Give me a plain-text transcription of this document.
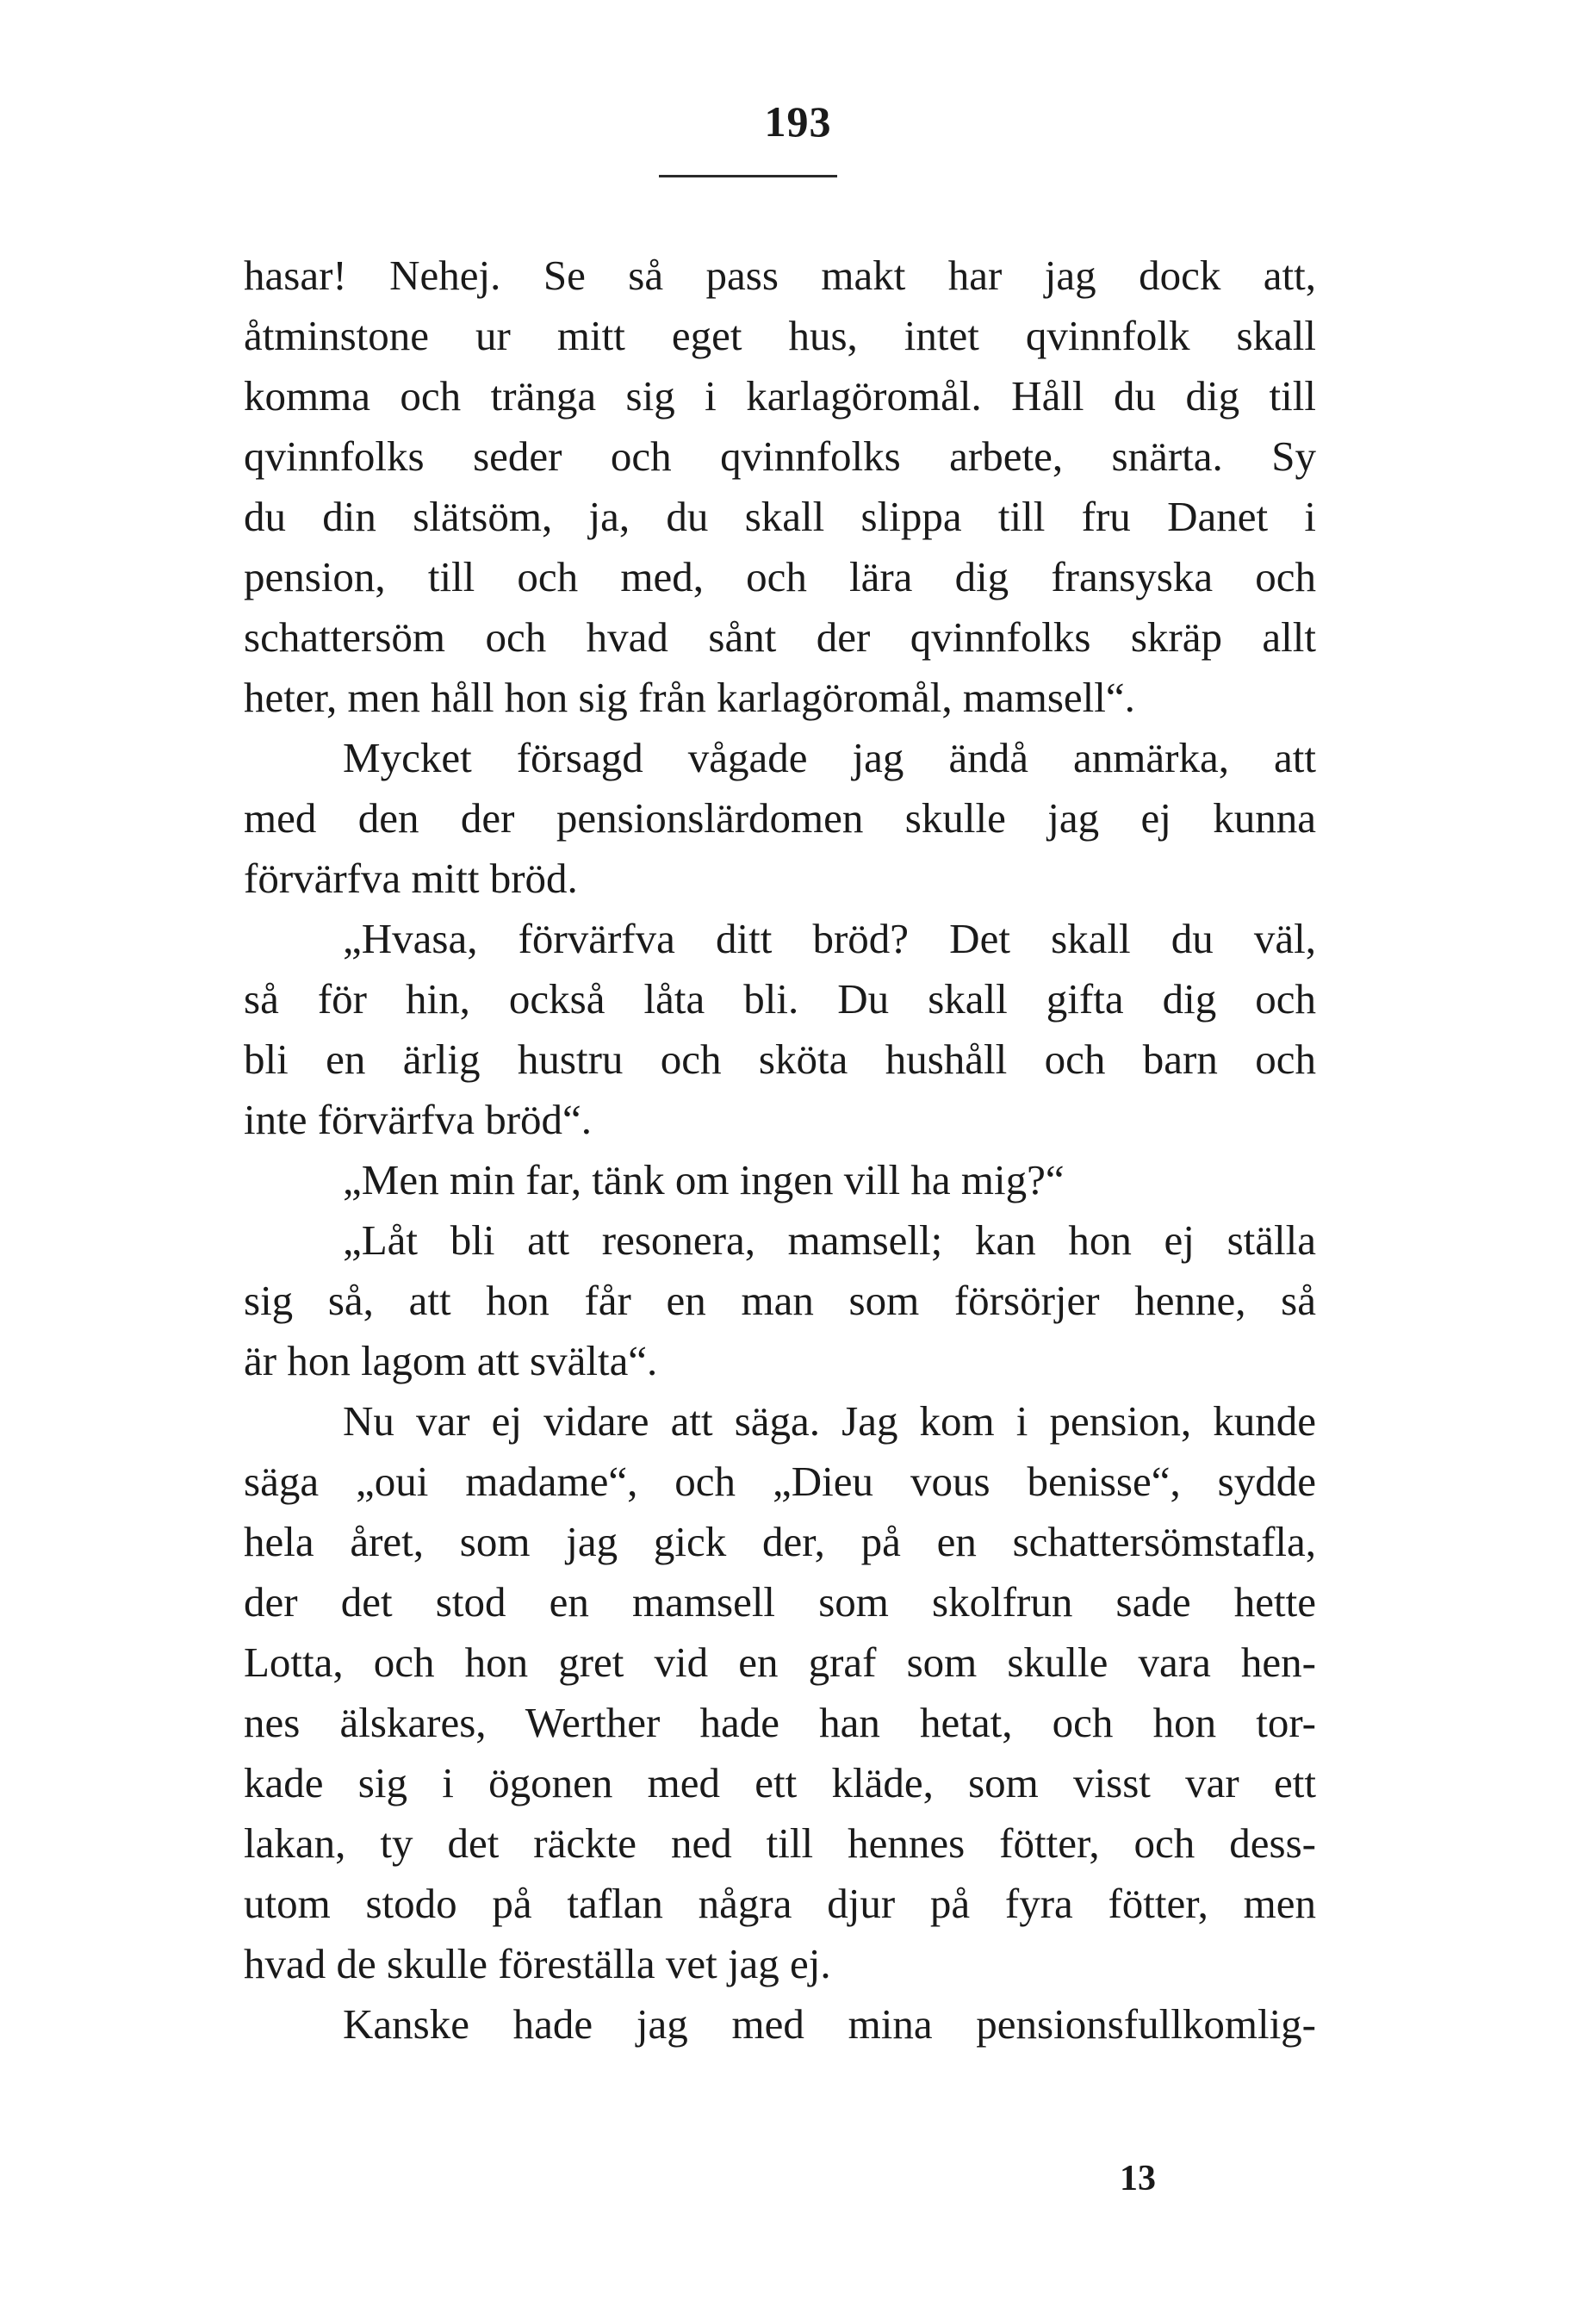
193
hasar! Nehej. Se så pass makt har jag dock att,
åtminstone ur mitt eget hus, intet qvinnfolk skall
komma och tränga sig i karlagöromål. Håll du dig till
qvinnfolks seder och qvinnfolks arbete, snärta. Sy
du din slätsöm, ja, du skall slippa till fru Danet i
pension, till och med, och lära dig fransyska och
schattersöm och hvad sånt der qvinnfolks skräp allt
heter, men håll hon sig från karlagöromål, mamsell“.
Mycket försagd vågade jag ändå anmärka, att
med den der pensionslärdomen skulle jag ej kunna
förvärfva mitt bröd.
„Hvasa, förvärfva ditt bröd? Det skall du väl,
så för hin, också låta bli. Du skall gifta dig och
bli en ärlig hustru och sköta hushåll och barn och
inte förvärfva bröd“.
„Men min far, tänk om ingen vill ha mig?“
„Låt bli att resonera, mamsell; kan hon ej ställa
sig så, att hon får en man som försörjer henne, så
är hon lagom att svälta“.
Nu var ej vidare att säga. Jag kom i pension, kunde
säga „oui madame“, och „Dieu vous benisse“, sydde
hela året, som jag gick der, på en schattersömstafla,
der det stod en mamsell som skolfrun sade hette
Lotta, och hon gret vid en graf som skulle vara hen-
nes älskares, Werther hade han hetat, och hon tor-
kade sig i ögonen med ett kläde, som visst var ett
lakan, ty det räckte ned till hennes fötter, och dess-
utom stodo på taflan några djur på fyra fötter, men
hvad de skulle föreställa vet jag ej.
Kanske hade jag med mina pensionsfullkomlig-
13
